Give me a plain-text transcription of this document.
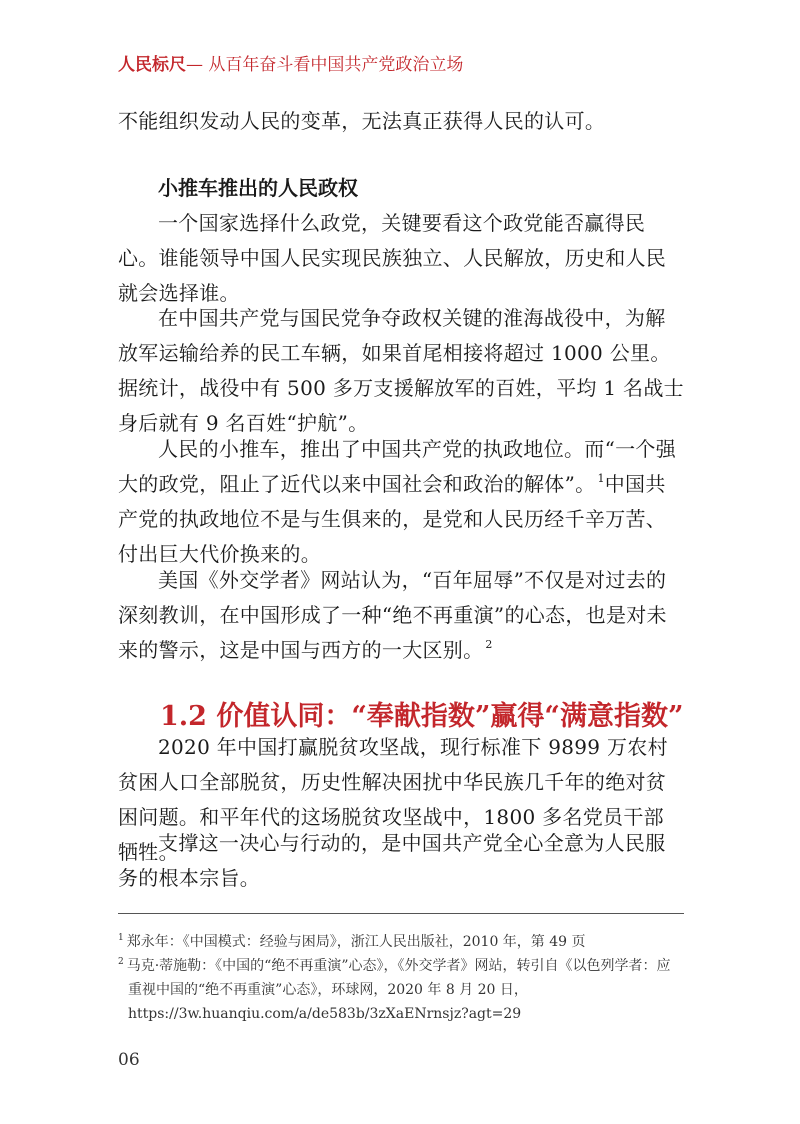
人民标尺— 从百年奋斗看中国共产党政治立场

不能组织发动人民的变革，无法真正获得人民的认可。

小推车推出的人民政权

一个国家选择什么政党，关键要看这个政党能否赢得民心。谁能领导中国人民实现民族独立、人民解放，历史和人民就会选择谁。

在中国共产党与国民党争夺政权关键的淮海战役中，为解放军运输给养的民工车辆，如果首尾相接将超过 1000 公里。据统计，战役中有 500 多万支援解放军的百姓，平均 1 名战士身后就有 9 名百姓“护航”。

人民的小推车，推出了中国共产党的执政地位。而“一个强大的政党，阻止了近代以来中国社会和政治的解体”。 $^1$中国共产党的执政地位不是与生俱来的，是党和人民历经千辛万苦、付出巨大代价换来的。

美国《外交学者》网站认为，“百年屈辱”不仅是对过去的深刻教训，在中国形成了一种“绝不再重演”的心态，也是对未来的警示，这是中国与西方的一大区别。 $^2$

1.2 价值认同：“奉献指数”赢得“满意指数”

2020 年中国打赢脱贫攻坚战，现行标准下 9899 万农村贫困人口全部脱贫，历史性解决困扰中华民族几千年的绝对贫困问题。和平年代的这场脱贫攻坚战中，1800 多名党员干部牺牲。

支撑这一决心与行动的，是中国共产党全心全意为人民服务的根本宗旨。

$^1$ 郑永年：《中国模式：经验与困局》，浙江人民出版社，2010 年，第 49 页

$^2$ 马克·蒂施勒：《中国的“绝不再重演”心态》，《外交学者》网站，转引自《以色列学者：应重视中国的“绝不再重演”心态》，环球网，2020 年 8 月 20 日，https://3w.huanqiu.com/a/de583b/3zXaENrnsjz?agt=29

06
